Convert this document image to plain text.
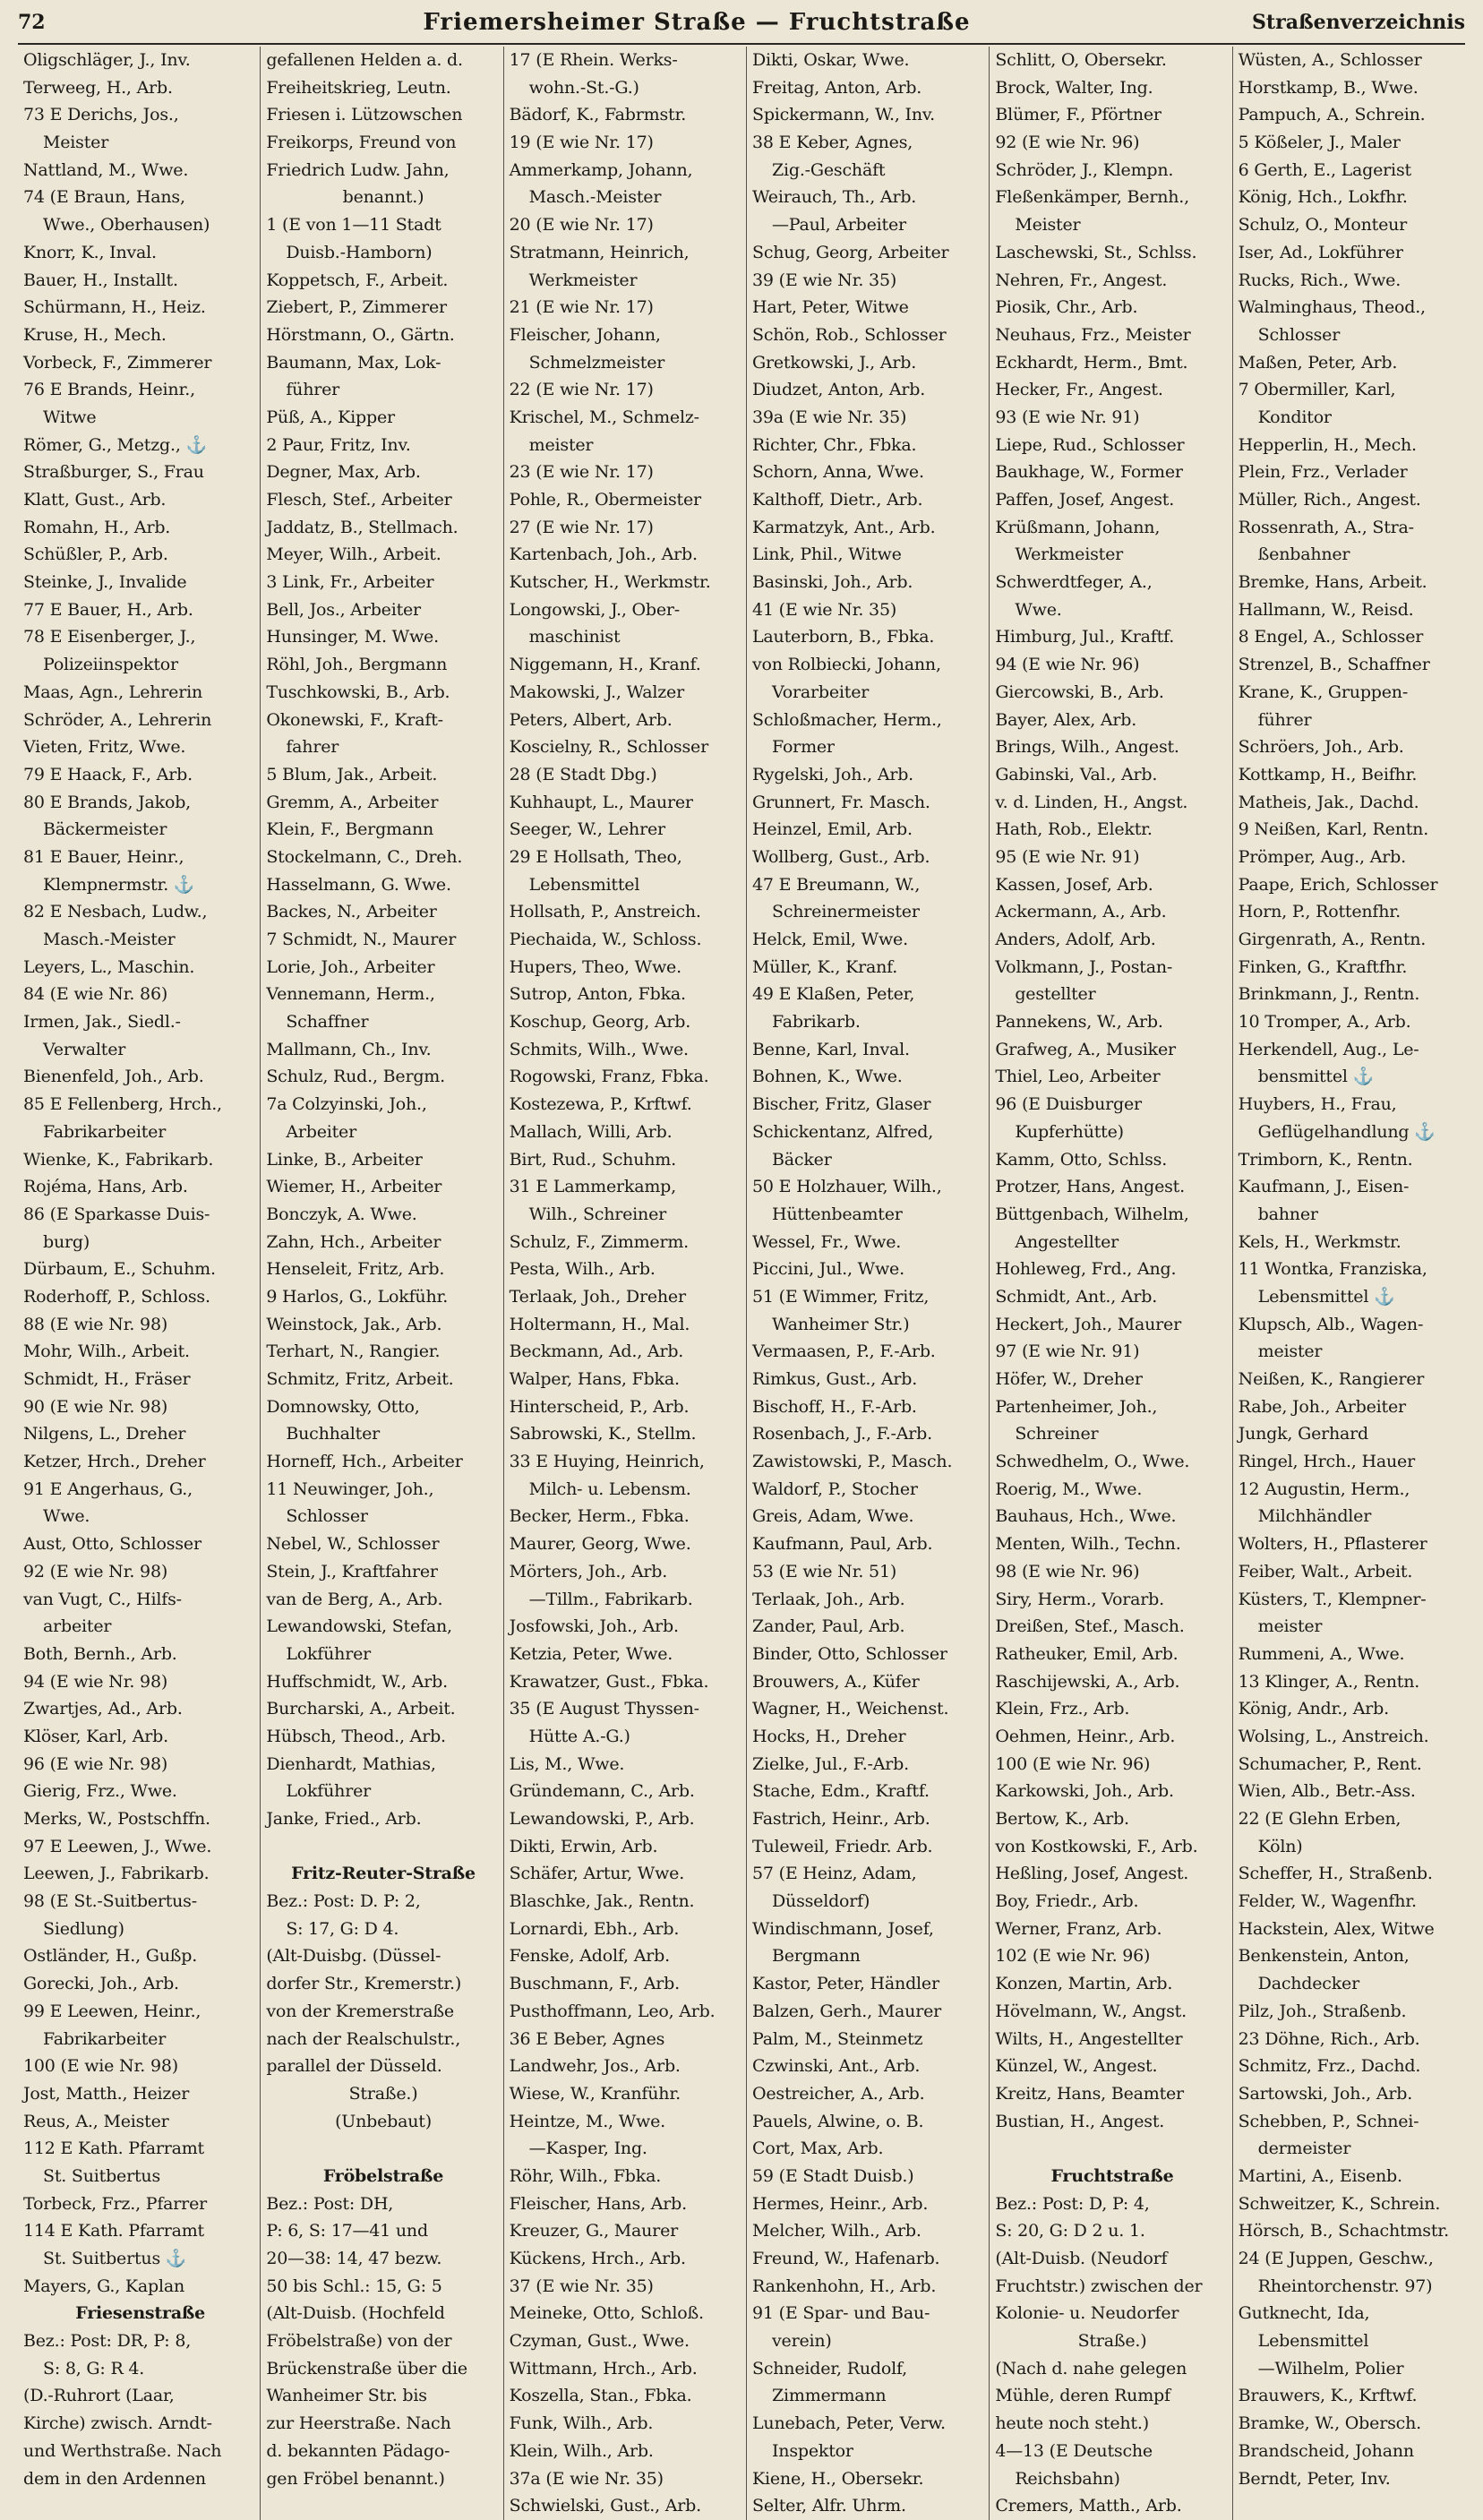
72	Friemersheimer Straße — Fruchtstraße	Straßenverzeichnis
Oligschläger, J., Inv.
Terweeg, H., Arb.
73 E Derichs, Jos.,
Meister
Nattland, M., Wwe.
74 (E Braun, Hans,
Wwe., Oberhausen)
Knorr, K., Inval.
Bauer, H., Installt.
Schürmann, H., Heiz.
Kruse, H., Mech.
Vorbeck, F., Zimmerer
76 E Brands, Heinr.,
Witwe
Römer, G., Metzg., ⚓
Straßburger, S., Frau
Klatt, Gust., Arb.
Romahn, H., Arb.
Schüßler, P., Arb.
Steinke, J., Invalide
77 E Bauer, H., Arb.
78 E Eisenberger, J.,
Polizeiinspektor
Maas, Agn., Lehrerin
Schröder, A., Lehrerin
Vieten, Fritz, Wwe.
79 E Haack, F., Arb.
80 E Brands, Jakob,
Bäckermeister
81 E Bauer, Heinr.,
Klempnermstr. ⚓
82 E Nesbach, Ludw.,
Masch.-Meister
Leyers, L., Maschin.
84 (E wie Nr. 86)
Irmen, Jak., Siedl.-
Verwalter
Bienenfeld, Joh., Arb.
85 E Fellenberg, Hrch.,
Fabrikarbeiter
Wienke, K., Fabrikarb.
Rojéma, Hans, Arb.
86 (E Sparkasse Duis-
burg)
Dürbaum, E., Schuhm.
Roderhoff, P., Schloss.
88 (E wie Nr. 98)
Mohr, Wilh., Arbeit.
Schmidt, H., Fräser
90 (E wie Nr. 98)
Nilgens, L., Dreher
Ketzer, Hrch., Dreher
91 E Angerhaus, G.,
Wwe.
Aust, Otto, Schlosser
92 (E wie Nr. 98)
van Vugt, C., Hilfs-
arbeiter
Both, Bernh., Arb.
94 (E wie Nr. 98)
Zwartjes, Ad., Arb.
Klöser, Karl, Arb.
96 (E wie Nr. 98)
Gierig, Frz., Wwe.
Merks, W., Postschffn.
97 E Leewen, J., Wwe.
Leewen, J., Fabrikarb.
98 (E St.-Suitbertus-
Siedlung)
Ostländer, H., Gußp.
Gorecki, Joh., Arb.
99 E Leewen, Heinr.,
Fabrikarbeiter
100 (E wie Nr. 98)
Jost, Matth., Heizer
Reus, A., Meister
112 E Kath. Pfarramt
St. Suitbertus
Torbeck, Frz., Pfarrer
114 E Kath. Pfarramt
St. Suitbertus ⚓
Mayers, G., Kaplan
Friesenstraße
Bez.: Post: DR, P: 8,
S: 8, G: R 4.
(D.-Ruhrort (Laar,
Kirche) zwisch. Arndt-
und Werthstraße. Nach
dem in den Ardennen
gefallenen Helden a. d.
Freiheitskrieg, Leutn.
Friesen i. Lützowschen
Freikorps, Freund von
Friedrich Ludw. Jahn,
benannt.)
1 (E von 1—11 Stadt
Duisb.-Hamborn)
Koppetsch, F., Arbeit.
Ziebert, P., Zimmerer
Hörstmann, O., Gärtn.
Baumann, Max, Lok-
führer
Püß, A., Kipper
2 Paur, Fritz, Inv.
Degner, Max, Arb.
Flesch, Stef., Arbeiter
Jaddatz, B., Stellmach.
Meyer, Wilh., Arbeit.
3 Link, Fr., Arbeiter
Bell, Jos., Arbeiter
Hunsinger, M. Wwe.
Röhl, Joh., Bergmann
Tuschkowski, B., Arb.
Okonewski, F., Kraft-
fahrer
5 Blum, Jak., Arbeit.
Gremm, A., Arbeiter
Klein, F., Bergmann
Stockelmann, C., Dreh.
Hasselmann, G. Wwe.
Backes, N., Arbeiter
7 Schmidt, N., Maurer
Lorie, Joh., Arbeiter
Vennemann, Herm.,
Schaffner
Mallmann, Ch., Inv.
Schulz, Rud., Bergm.
7a Colzyinski, Joh.,
Arbeiter
Linke, B., Arbeiter
Wiemer, H., Arbeiter
Bonczyk, A. Wwe.
Zahn, Hch., Arbeiter
Henseleit, Fritz, Arb.
9 Harlos, G., Lokführ.
Weinstock, Jak., Arb.
Terhart, N., Rangier.
Schmitz, Fritz, Arbeit.
Domnowsky, Otto,
Buchhalter
Horneff, Hch., Arbeiter
11 Neuwinger, Joh.,
Schlosser
Nebel, W., Schlosser
Stein, J., Kraftfahrer
van de Berg, A., Arb.
Lewandowski, Stefan,
Lokführer
Huffschmidt, W., Arb.
Burcharski, A., Arbeit.
Hübsch, Theod., Arb.
Dienhardt, Mathias,
Lokführer
Janke, Fried., Arb.
Fritz-Reuter-Straße
Bez.: Post: D. P: 2,
S: 17, G: D 4.
(Alt-Duisbg. (Düssel-
dorfer Str., Kremerstr.)
von der Kremerstraße
nach der Realschulstr.,
parallel der Düsseld.
Straße.)
(Unbebaut)
Fröbelstraße
Bez.: Post: DH,
P: 6, S: 17—41 und
20—38: 14, 47 bezw.
50 bis Schl.: 15, G: 5
(Alt-Duisb. (Hochfeld
Fröbelstraße) von der
Brückenstraße über die
Wanheimer Str. bis
zur Heerstraße. Nach
d. bekannten Pädago-
gen Fröbel benannt.)
17 (E Rhein. Werks-
wohn.-St.-G.)
Bädorf, K., Fabrmstr.
19 (E wie Nr. 17)
Ammerkamp, Johann,
Masch.-Meister
20 (E wie Nr. 17)
Stratmann, Heinrich,
Werkmeister
21 (E wie Nr. 17)
Fleischer, Johann,
Schmelzmeister
22 (E wie Nr. 17)
Krischel, M., Schmelz-
meister
23 (E wie Nr. 17)
Pohle, R., Obermeister
27 (E wie Nr. 17)
Kartenbach, Joh., Arb.
Kutscher, H., Werkmstr.
Longowski, J., Ober-
maschinist
Niggemann, H., Kranf.
Makowski, J., Walzer
Peters, Albert, Arb.
Koscielny, R., Schlosser
28 (E Stadt Dbg.)
Kuhhaupt, L., Maurer
Seeger, W., Lehrer
29 E Hollsath, Theo,
Lebensmittel
Hollsath, P., Anstreich.
Piechaida, W., Schloss.
Hupers, Theo, Wwe.
Sutrop, Anton, Fbka.
Koschup, Georg, Arb.
Schmits, Wilh., Wwe.
Rogowski, Franz, Fbka.
Kostezewa, P., Krftwf.
Mallach, Willi, Arb.
Birt, Rud., Schuhm.
31 E Lammerkamp,
Wilh., Schreiner
Schulz, F., Zimmerm.
Pesta, Wilh., Arb.
Terlaak, Joh., Dreher
Holtermann, H., Mal.
Beckmann, Ad., Arb.
Walper, Hans, Fbka.
Hinterscheid, P., Arb.
Sabrowski, K., Stellm.
33 E Huying, Heinrich,
Milch- u. Lebensm.
Becker, Herm., Fbka.
Maurer, Georg, Wwe.
Mörters, Joh., Arb.
—Tillm., Fabrikarb.
Josfowski, Joh., Arb.
Ketzia, Peter, Wwe.
Krawatzer, Gust., Fbka.
35 (E August Thyssen-
Hütte A.-G.)
Lis, M., Wwe.
Gründemann, C., Arb.
Lewandowski, P., Arb.
Dikti, Erwin, Arb.
Schäfer, Artur, Wwe.
Blaschke, Jak., Rentn.
Lornardi, Ebh., Arb.
Fenske, Adolf, Arb.
Buschmann, F., Arb.
Pusthoffmann, Leo, Arb.
36 E Beber, Agnes
Landwehr, Jos., Arb.
Wiese, W., Kranführ.
Heintze, M., Wwe.
—Kasper, Ing.
Röhr, Wilh., Fbka.
Fleischer, Hans, Arb.
Kreuzer, G., Maurer
Kückens, Hrch., Arb.
37 (E wie Nr. 35)
Meineke, Otto, Schloß.
Czyman, Gust., Wwe.
Wittmann, Hrch., Arb.
Koszella, Stan., Fbka.
Funk, Wilh., Arb.
Klein, Wilh., Arb.
37a (E wie Nr. 35)
Schwielski, Gust., Arb.
Dikti, Oskar, Wwe.
Freitag, Anton, Arb.
Spickermann, W., Inv.
38 E Keber, Agnes,
Zig.-Geschäft
Weirauch, Th., Arb.
—Paul, Arbeiter
Schug, Georg, Arbeiter
39 (E wie Nr. 35)
Hart, Peter, Witwe
Schön, Rob., Schlosser
Gretkowski, J., Arb.
Diudzet, Anton, Arb.
39a (E wie Nr. 35)
Richter, Chr., Fbka.
Schorn, Anna, Wwe.
Kalthoff, Dietr., Arb.
Karmatzyk, Ant., Arb.
Link, Phil., Witwe
Basinski, Joh., Arb.
41 (E wie Nr. 35)
Lauterborn, B., Fbka.
von Rolbiecki, Johann,
Vorarbeiter
Schloßmacher, Herm.,
Former
Rygelski, Joh., Arb.
Grunnert, Fr. Masch.
Heinzel, Emil, Arb.
Wollberg, Gust., Arb.
47 E Breumann, W.,
Schreinermeister
Helck, Emil, Wwe.
Müller, K., Kranf.
49 E Klaßen, Peter,
Fabrikarb.
Benne, Karl, Inval.
Bohnen, K., Wwe.
Bischer, Fritz, Glaser
Schickentanz, Alfred,
Bäcker
50 E Holzhauer, Wilh.,
Hüttenbeamter
Wessel, Fr., Wwe.
Piccini, Jul., Wwe.
51 (E Wimmer, Fritz,
Wanheimer Str.)
Vermaasen, P., F.-Arb.
Rimkus, Gust., Arb.
Bischoff, H., F.-Arb.
Rosenbach, J., F.-Arb.
Zawistowski, P., Masch.
Waldorf, P., Stocher
Greis, Adam, Wwe.
Kaufmann, Paul, Arb.
53 (E wie Nr. 51)
Terlaak, Joh., Arb.
Zander, Paul, Arb.
Binder, Otto, Schlosser
Brouwers, A., Küfer
Wagner, H., Weichenst.
Hocks, H., Dreher
Zielke, Jul., F.-Arb.
Stache, Edm., Kraftf.
Fastrich, Heinr., Arb.
Tuleweil, Friedr. Arb.
57 (E Heinz, Adam,
Düsseldorf)
Windischmann, Josef,
Bergmann
Kastor, Peter, Händler
Balzen, Gerh., Maurer
Palm, M., Steinmetz
Czwinski, Ant., Arb.
Oestreicher, A., Arb.
Pauels, Alwine, o. B.
Cort, Max, Arb.
59 (E Stadt Duisb.)
Hermes, Heinr., Arb.
Melcher, Wilh., Arb.
Freund, W., Hafenarb.
Rankenhohn, H., Arb.
91 (E Spar- und Bau-
verein)
Schneider, Rudolf,
Zimmermann
Lunebach, Peter, Verw.
Inspektor
Kiene, H., Obersekr.
Selter, Alfr. Uhrm.
Schlitt, O, Obersekr.
Brock, Walter, Ing.
Blümer, F., Pförtner
92 (E wie Nr. 96)
Schröder, J., Klempn.
Fleßenkämper, Bernh.,
Meister
Laschewski, St., Schlss.
Nehren, Fr., Angest.
Piosik, Chr., Arb.
Neuhaus, Frz., Meister
Eckhardt, Herm., Bmt.
Hecker, Fr., Angest.
93 (E wie Nr. 91)
Liepe, Rud., Schlosser
Baukhage, W., Former
Paffen, Josef, Angest.
Krüßmann, Johann,
Werkmeister
Schwerdtfeger, A.,
Wwe.
Himburg, Jul., Kraftf.
94 (E wie Nr. 96)
Giercowski, B., Arb.
Bayer, Alex, Arb.
Brings, Wilh., Angest.
Gabinski, Val., Arb.
v. d. Linden, H., Angst.
Hath, Rob., Elektr.
95 (E wie Nr. 91)
Kassen, Josef, Arb.
Ackermann, A., Arb.
Anders, Adolf, Arb.
Volkmann, J., Postan-
gestellter
Pannekens, W., Arb.
Grafweg, A., Musiker
Thiel, Leo, Arbeiter
96 (E Duisburger
Kupferhütte)
Kamm, Otto, Schlss.
Protzer, Hans, Angest.
Büttgenbach, Wilhelm,
Angestellter
Hohleweg, Frd., Ang.
Schmidt, Ant., Arb.
Heckert, Joh., Maurer
97 (E wie Nr. 91)
Höfer, W., Dreher
Partenheimer, Joh.,
Schreiner
Schwedhelm, O., Wwe.
Roerig, M., Wwe.
Bauhaus, Hch., Wwe.
Menten, Wilh., Techn.
98 (E wie Nr. 96)
Siry, Herm., Vorarb.
Dreißen, Stef., Masch.
Ratheuker, Emil, Arb.
Raschijewski, A., Arb.
Klein, Frz., Arb.
Oehmen, Heinr., Arb.
100 (E wie Nr. 96)
Karkowski, Joh., Arb.
Bertow, K., Arb.
von Kostkowski, F., Arb.
Heßling, Josef, Angest.
Boy, Friedr., Arb.
Werner, Franz, Arb.
102 (E wie Nr. 96)
Konzen, Martin, Arb.
Hövelmann, W., Angst.
Wilts, H., Angestellter
Künzel, W., Angest.
Kreitz, Hans, Beamter
Bustian, H., Angest.
Fruchtstraße
Bez.: Post: D, P: 4,
S: 20, G: D 2 u. 1.
(Alt-Duisb. (Neudorf
Fruchtstr.) zwischen der
Kolonie- u. Neudorfer
Straße.)
(Nach d. nahe gelegen
Mühle, deren Rumpf
heute noch steht.)
4—13 (E Deutsche
Reichsbahn)
Cremers, Matth., Arb.
Wüsten, A., Schlosser
Horstkamp, B., Wwe.
Pampuch, A., Schrein.
5 Kößeler, J., Maler
6 Gerth, E., Lagerist
König, Hch., Lokfhr.
Schulz, O., Monteur
Iser, Ad., Lokführer
Rucks, Rich., Wwe.
Walminghaus, Theod.,
Schlosser
Maßen, Peter, Arb.
7 Obermiller, Karl,
Konditor
Hepperlin, H., Mech.
Plein, Frz., Verlader
Müller, Rich., Angest.
Rossenrath, A., Stra-
ßenbahner
Bremke, Hans, Arbeit.
Hallmann, W., Reisd.
8 Engel, A., Schlosser
Strenzel, B., Schaffner
Krane, K., Gruppen-
führer
Schröers, Joh., Arb.
Kottkamp, H., Beifhr.
Matheis, Jak., Dachd.
9 Neißen, Karl, Rentn.
Prömper, Aug., Arb.
Paape, Erich, Schlosser
Horn, P., Rottenfhr.
Girgenrath, A., Rentn.
Finken, G., Kraftfhr.
Brinkmann, J., Rentn.
10 Tromper, A., Arb.
Herkendell, Aug., Le-
bensmittel ⚓
Huybers, H., Frau,
Geflügelhandlung ⚓
Trimborn, K., Rentn.
Kaufmann, J., Eisen-
bahner
Kels, H., Werkmstr.
11 Wontka, Franziska,
Lebensmittel ⚓
Klupsch, Alb., Wagen-
meister
Neißen, K., Rangierer
Rabe, Joh., Arbeiter
Jungk, Gerhard
Ringel, Hrch., Hauer
12 Augustin, Herm.,
Milchhändler
Wolters, H., Pflasterer
Feiber, Walt., Arbeit.
Küsters, T., Klempner-
meister
Rummeni, A., Wwe.
13 Klinger, A., Rentn.
König, Andr., Arb.
Wolsing, L., Anstreich.
Schumacher, P., Rent.
Wien, Alb., Betr.-Ass.
22 (E Glehn Erben,
Köln)
Scheffer, H., Straßenb.
Felder, W., Wagenfhr.
Hackstein, Alex, Witwe
Benkenstein, Anton,
Dachdecker
Pilz, Joh., Straßenb.
23 Döhne, Rich., Arb.
Schmitz, Frz., Dachd.
Sartowski, Joh., Arb.
Schebben, P., Schnei-
dermeister
Martini, A., Eisenb.
Schweitzer, K., Schrein.
Hörsch, B., Schachtmstr.
24 (E Juppen, Geschw.,
Rheintorchenstr. 97)
Gutknecht, Ida,
Lebensmittel
—Wilhelm, Polier
Brauwers, K., Krftwf.
Bramke, W., Obersch.
Brandscheid, Johann
Berndt, Peter, Inv.
